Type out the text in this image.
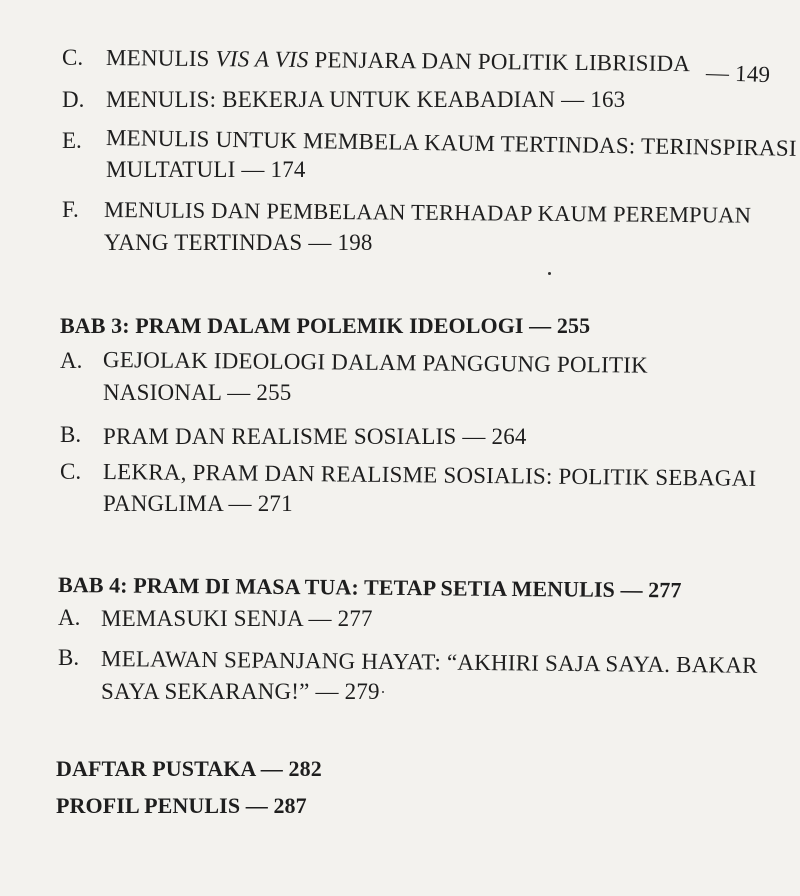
C. MENULIS VIS A VIS PENJARA DAN POLITIK LIBRISIDA — 149
D. MENULIS: BEKERJA UNTUK KEABADIAN — 163
E. MENULIS UNTUK MEMBELA KAUM TERTINDAS: TERINSPIRASI
MULTATULI — 174
F. MENULIS DAN PEMBELAAN TERHADAP KAUM PEREMPUAN
YANG TERTINDAS — 198
BAB 3: PRAM DALAM POLEMIK IDEOLOGI — 255
A. GEJOLAK IDEOLOGI DALAM PANGGUNG POLITIK
NASIONAL — 255
B. PRAM DAN REALISME SOSIALIS — 264
C. LEKRA, PRAM DAN REALISME SOSIALIS: POLITIK SEBAGAI
PANGLIMA — 271
BAB 4: PRAM DI MASA TUA: TETAP SETIA MENULIS — 277
A. MEMASUKI SENJA — 277
B. MELAWAN SEPANJANG HAYAT: “AKHIRI SAJA SAYA. BAKAR
SAYA SEKARANG!” — 279
DAFTAR PUSTAKA — 282
PROFIL PENULIS — 287
